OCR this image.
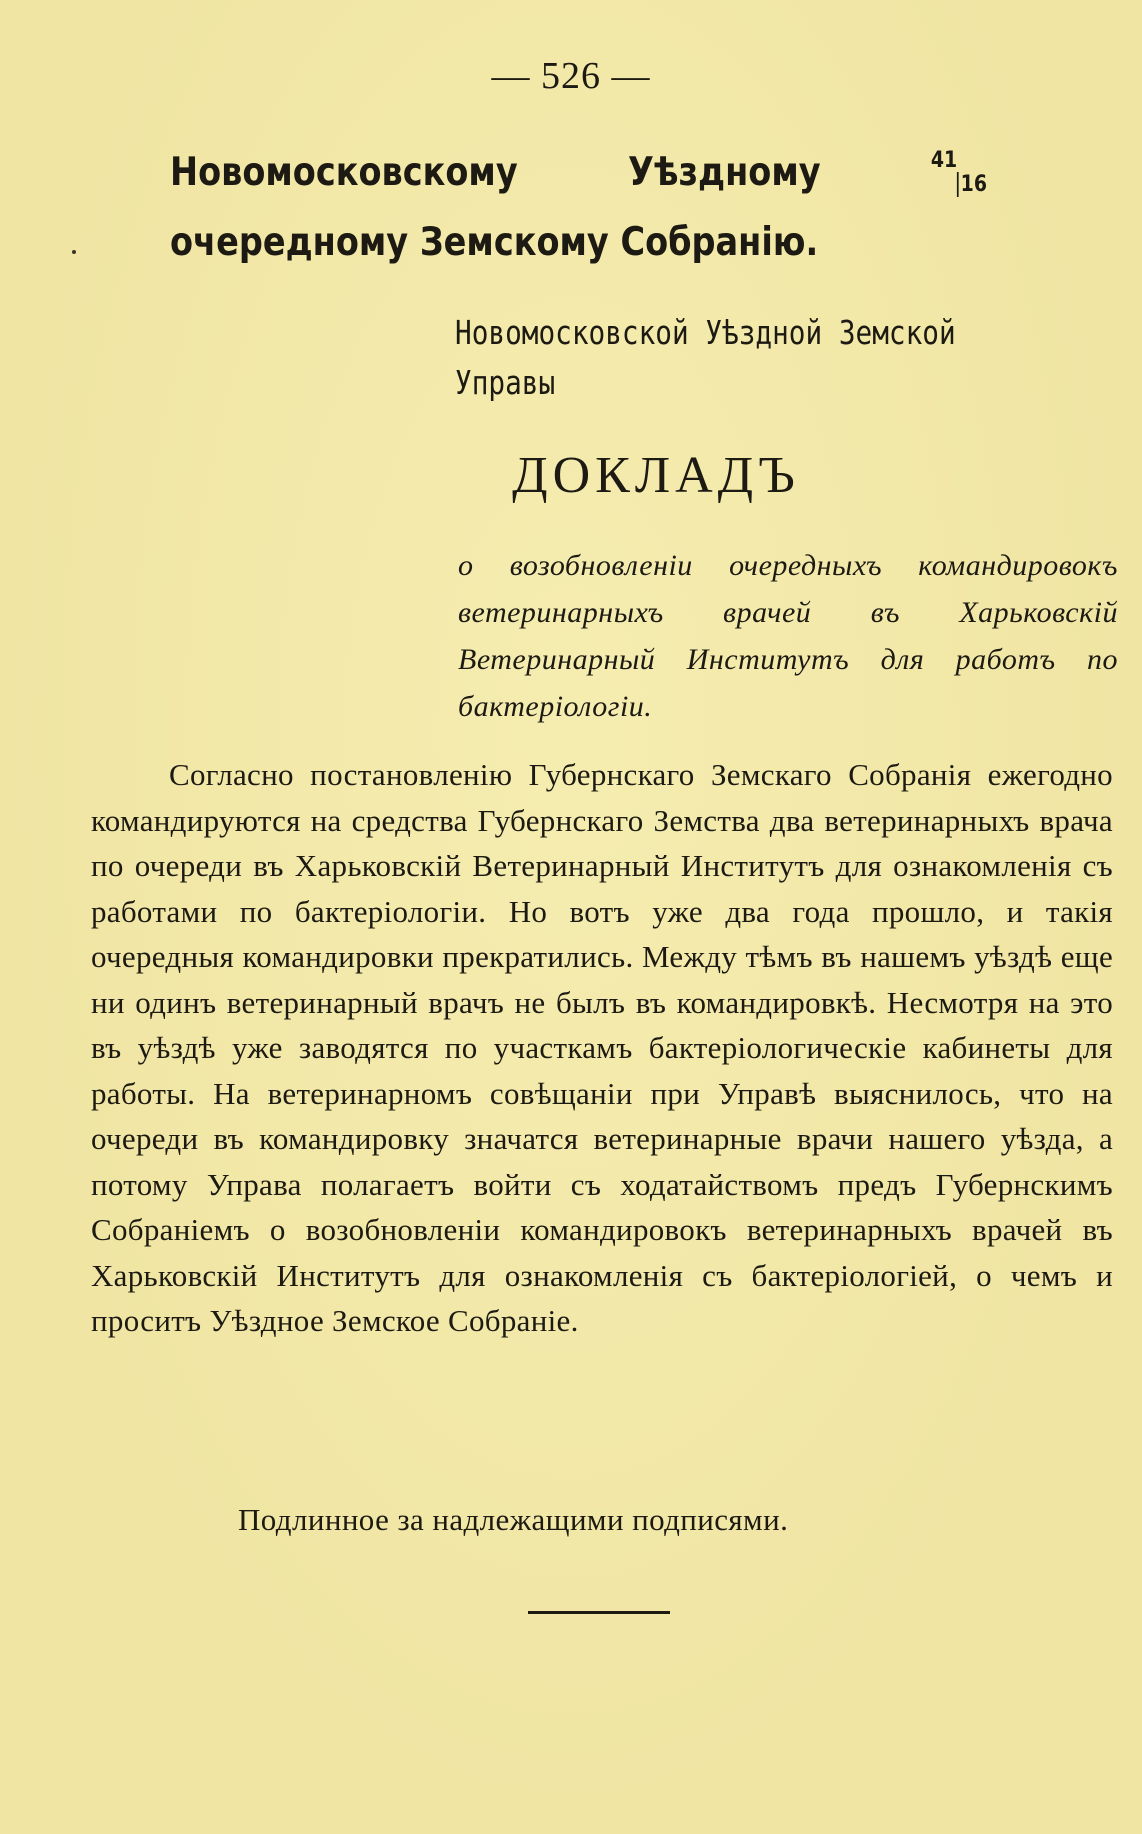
— 526 —
Новомосковскому Уѣздному $^{41}_{16}$ очередному Земскому Собранію.
Новомосковской Уѣздной Земской
Управы
ДОКЛАДЪ
о возобновленіи очередныхъ командировокъ ветеринарныхъ врачей въ Харьковскій Ветеринарный Институтъ для работъ по бактеріологіи.
Согласно постановленію Губернскаго Земскаго Собранія ежегодно командируются на средства Губернскаго Земства два ветеринарныхъ врача по очереди въ Харьковскій Ветеринарный Институтъ для ознакомленія съ работами по бактеріологіи. Но вотъ уже два года прошло, и такія очередныя командировки прекратились. Между тѣмъ въ нашемъ уѣздѣ еще ни одинъ ветеринарный врачъ не былъ въ командировкѣ. Несмотря на это въ уѣздѣ уже заводятся по участкамъ бактеріологическіе кабинеты для работы. На ветеринарномъ совѣщаніи при Управѣ выяснилось, что на очереди въ командировку значатся ветеринарные врачи нашего уѣзда, а потому Управа полагаетъ войти съ ходатайствомъ предъ Губернскимъ Собраніемъ о возобновленіи командировокъ ветеринарныхъ врачей въ Харьковскій Институтъ для ознакомленія съ бактеріологіей, о чемъ и проситъ Уѣздное Земское Собраніе.
Подлинное за надлежащими подписями.
